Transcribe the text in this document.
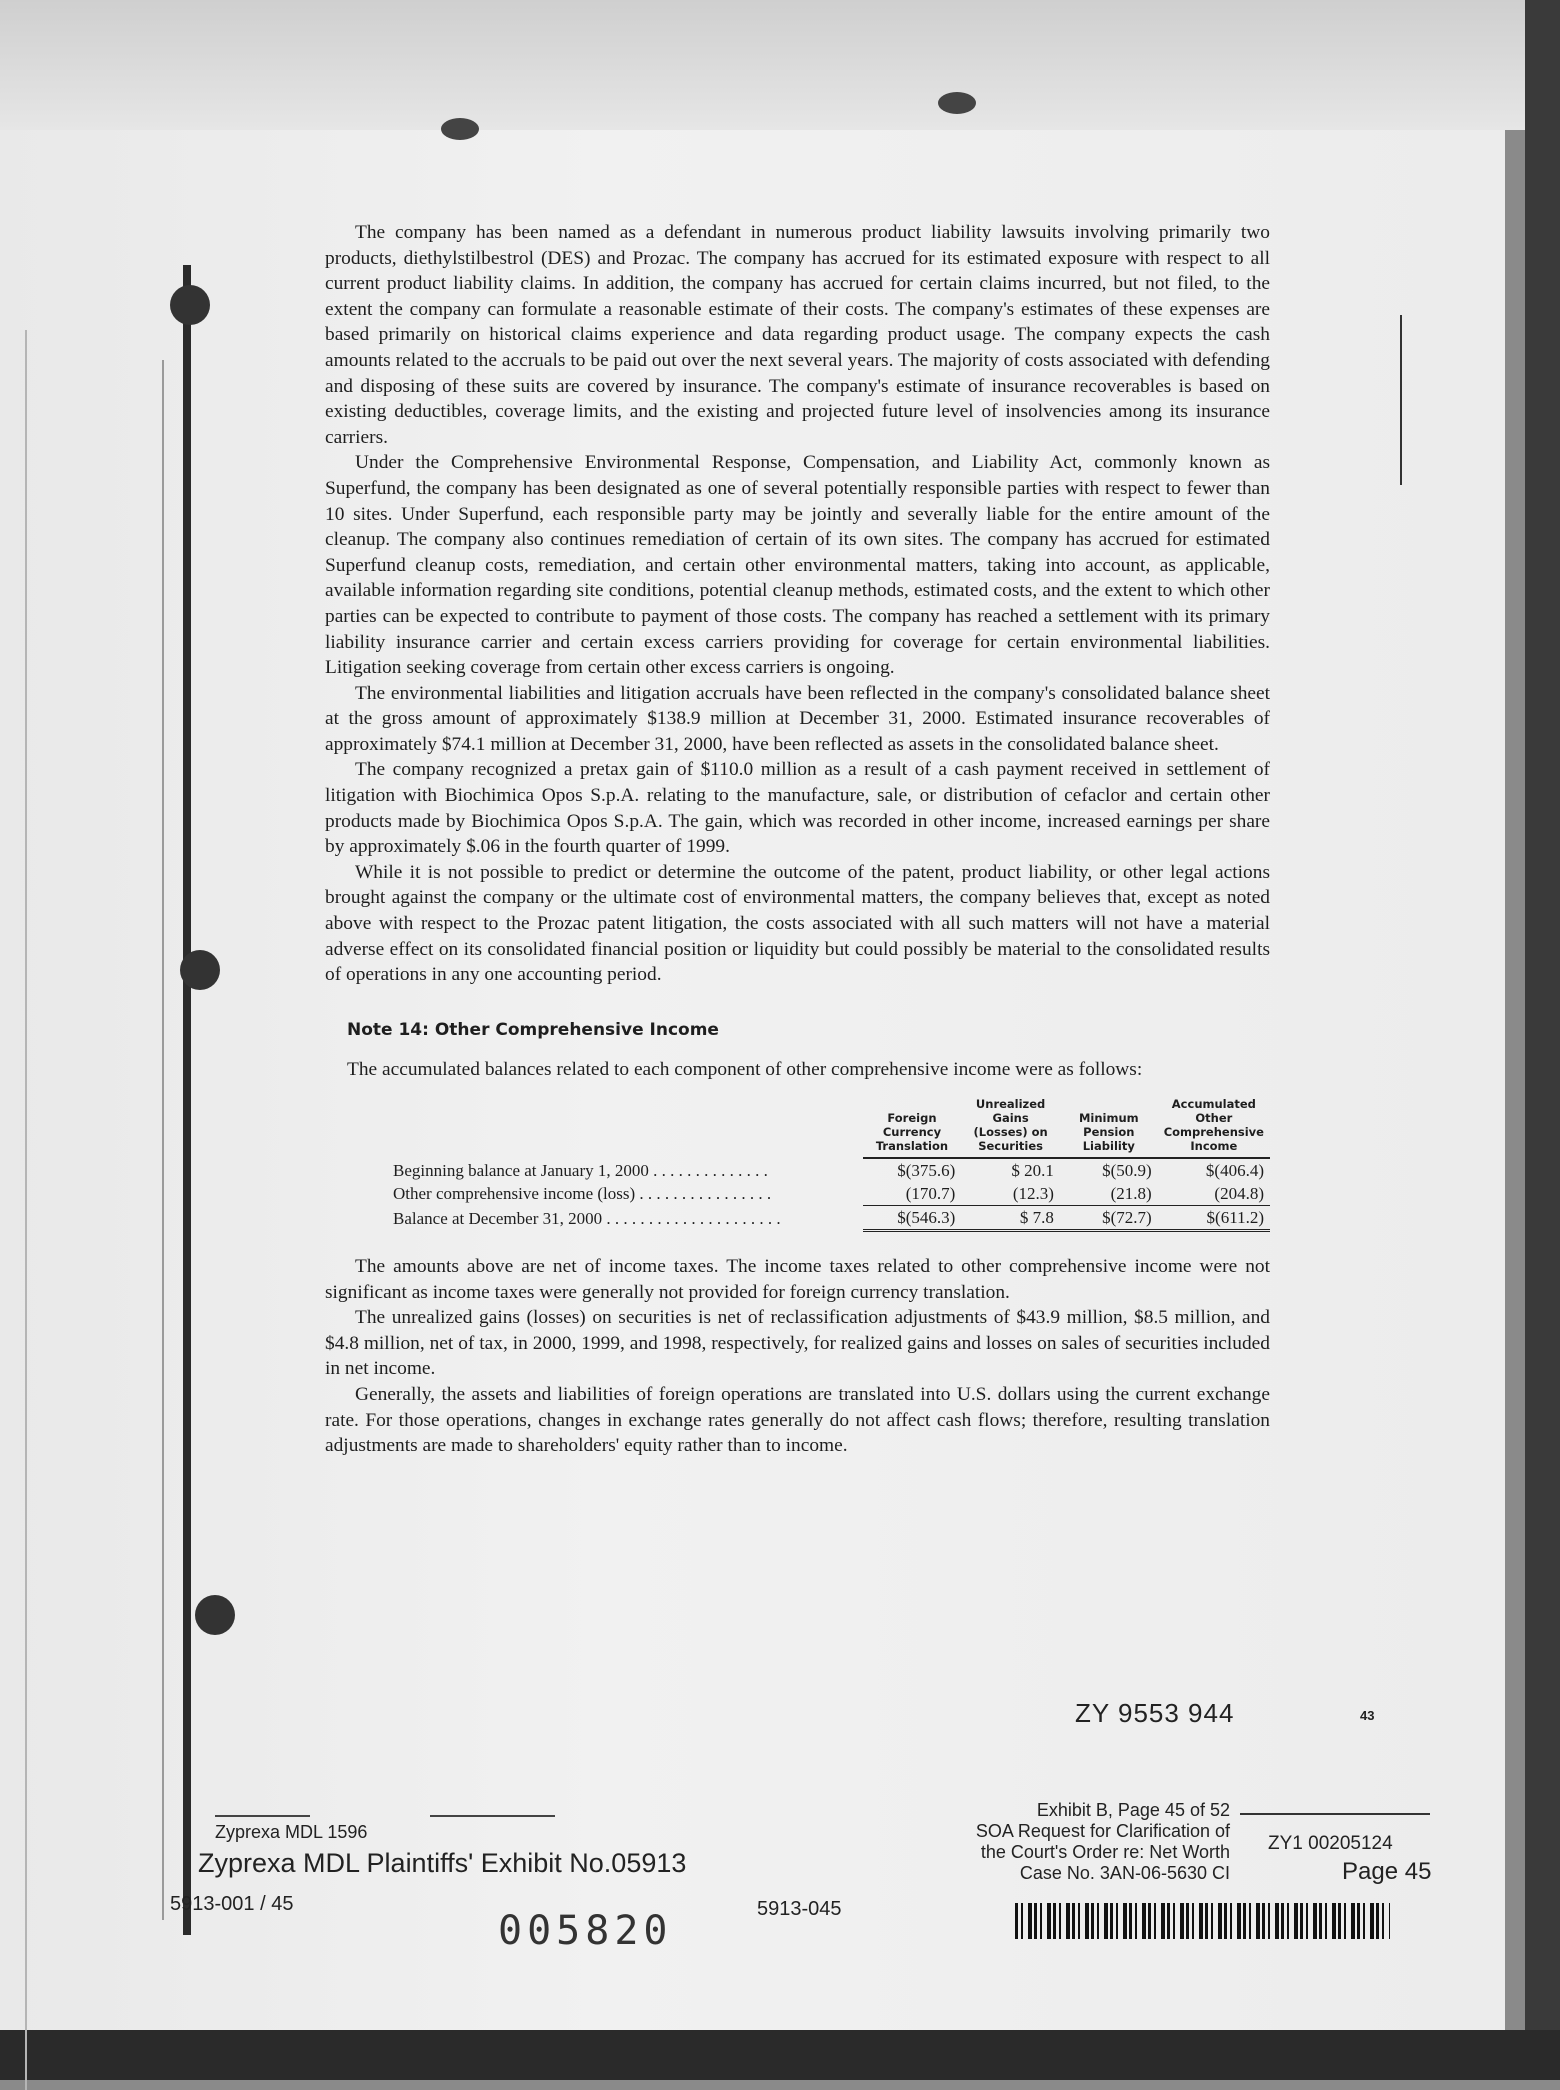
The company has been named as a defendant in numerous product liability lawsuits involving primarily two products, diethylstilbestrol (DES) and Prozac. The company has accrued for its estimated exposure with respect to all current product liability claims. In addition, the company has accrued for certain claims incurred, but not filed, to the extent the company can formulate a reasonable estimate of their costs. The company's estimates of these expenses are based primarily on historical claims experience and data regarding product usage. The company expects the cash amounts related to the accruals to be paid out over the next several years. The majority of costs associated with defending and disposing of these suits are covered by insurance. The company's estimate of insurance recoverables is based on existing deductibles, coverage limits, and the existing and projected future level of insolvencies among its insurance carriers.

Under the Comprehensive Environmental Response, Compensation, and Liability Act, commonly known as Superfund, the company has been designated as one of several potentially responsible parties with respect to fewer than 10 sites. Under Superfund, each responsible party may be jointly and severally liable for the entire amount of the cleanup. The company also continues remediation of certain of its own sites. The company has accrued for estimated Superfund cleanup costs, remediation, and certain other environmental matters, taking into account, as applicable, available information regarding site conditions, potential cleanup methods, estimated costs, and the extent to which other parties can be expected to contribute to payment of those costs. The company has reached a settlement with its primary liability insurance carrier and certain excess carriers providing for coverage for certain environmental liabilities. Litigation seeking coverage from certain other excess carriers is ongoing.

The environmental liabilities and litigation accruals have been reflected in the company's consolidated balance sheet at the gross amount of approximately $138.9 million at December 31, 2000. Estimated insurance recoverables of approximately $74.1 million at December 31, 2000, have been reflected as assets in the consolidated balance sheet.

The company recognized a pretax gain of $110.0 million as a result of a cash payment received in settlement of litigation with Biochimica Opos S.p.A. relating to the manufacture, sale, or distribution of cefaclor and certain other products made by Biochimica Opos S.p.A. The gain, which was recorded in other income, increased earnings per share by approximately $.06 in the fourth quarter of 1999.

While it is not possible to predict or determine the outcome of the patent, product liability, or other legal actions brought against the company or the ultimate cost of environmental matters, the company believes that, except as noted above with respect to the Prozac patent litigation, the costs associated with all such matters will not have a material adverse effect on its consolidated financial position or liquidity but could possibly be material to the consolidated results of operations in any one accounting period.

Note 14: Other Comprehensive Income

The accumulated balances related to each component of other comprehensive income were as follows:

	Foreign Currency Translation	Unrealized Gains (Losses) on Securities	Minimum Pension Liability	Accumulated Other Comprehensive Income
Beginning balance at January 1, 2000 . . . . . . . . . . . . . .	$(375.6)	$ 20.1	$(50.9)	$(406.4)
Other comprehensive income (loss) . . . . . . . . . . . . . . . .	(170.7)	(12.3)	(21.8)	(204.8)
Balance at December 31, 2000 . . . . . . . . . . . . . . . . . . . . .	$(546.3)	$ 7.8	$(72.7)	$(611.2)

The amounts above are net of income taxes. The income taxes related to other comprehensive income were not significant as income taxes were generally not provided for foreign currency translation.

The unrealized gains (losses) on securities is net of reclassification adjustments of $43.9 million, $8.5 million, and $4.8 million, net of tax, in 2000, 1999, and 1998, respectively, for realized gains and losses on sales of securities included in net income.

Generally, the assets and liabilities of foreign operations are translated into U.S. dollars using the current exchange rate. For those operations, changes in exchange rates generally do not affect cash flows; therefore, resulting translation adjustments are made to shareholders' equity rather than to income.

ZY 9553 944	43
Zyprexa MDL 1596
Zyprexa MDL Plaintiffs' Exhibit No.05913
5913-001 / 45
005820	5913-045
Exhibit B, Page 45 of 52
SOA Request for Clarification of
the Court's Order re: Net Worth
Case No. 3AN-06-5630 CI
ZY1 00205124
Page 45
